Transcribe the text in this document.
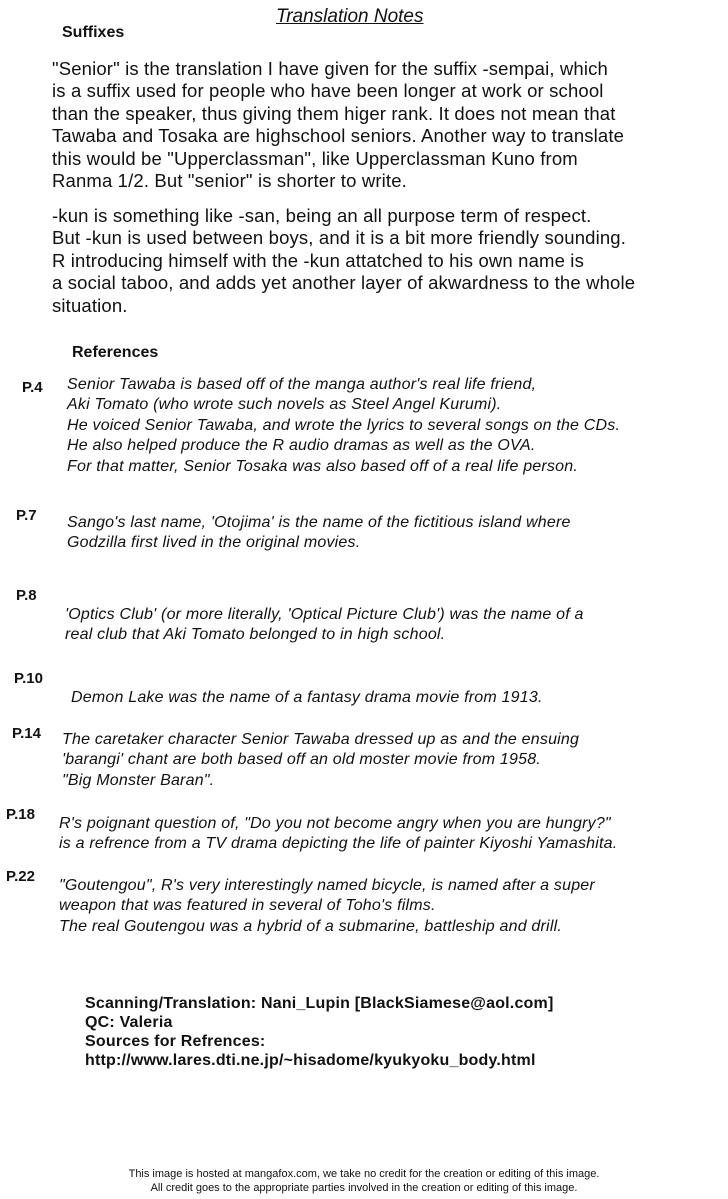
Translation Notes
Suffixes
"Senior" is the translation I have given for the suffix -sempai, which
is a suffix used for people who have been longer at work or school
than the speaker, thus giving them higer rank. It does not mean that
Tawaba and Tosaka are highschool seniors. Another way to translate
this would be "Upperclassman", like Upperclassman Kuno from
Ranma 1/2. But "senior" is shorter to write.
-kun is something like -san, being an all purpose term of respect.
But -kun is used between boys, and it is a bit more friendly sounding.
R introducing himself with the -kun attatched to his own name is
a social taboo, and adds yet another layer of akwardness to the whole
situation.
References
P.4 Senior Tawaba is based off of the manga author's real life friend,
Aki Tomato (who wrote such novels as Steel Angel Kurumi).
He voiced Senior Tawaba, and wrote the lyrics to several songs on the CDs.
He also helped produce the R audio dramas as well as the OVA.
For that matter, Senior Tosaka was also based off of a real life person.
P.7 Sango's last name, 'Otojima' is the name of the fictitious island where
Godzilla first lived in the original movies.
P.8
'Optics Club' (or more literally, 'Optical Picture Club') was the name of a
real club that Aki Tomato belonged to in high school.
P.10
Demon Lake was the name of a fantasy drama movie from 1913.
P.14 The caretaker character Senior Tawaba dressed up as and the ensuing
'barangi' chant are both based off an old moster movie from 1958.
"Big Monster Baran".
P.18
R's poignant question of, "Do you not become angry when you are hungry?"
is a refrence from a TV drama depicting the life of painter Kiyoshi Yamashita.
P.22
"Goutengou", R's very interestingly named bicycle, is named after a super
weapon that was featured in several of Toho's films.
The real Goutengou was a hybrid of a submarine, battleship and drill.
Scanning/Translation: Nani_Lupin [BlackSiamese@aol.com]
QC: Valeria
Sources for Refrences:
http://www.lares.dti.ne.jp/~hisadome/kyukyoku_body.html
This image is hosted at mangafox.com, we take no credit for the creation or editing of this image.
All credit goes to the appropriate parties involved in the creation or editing of this image.
